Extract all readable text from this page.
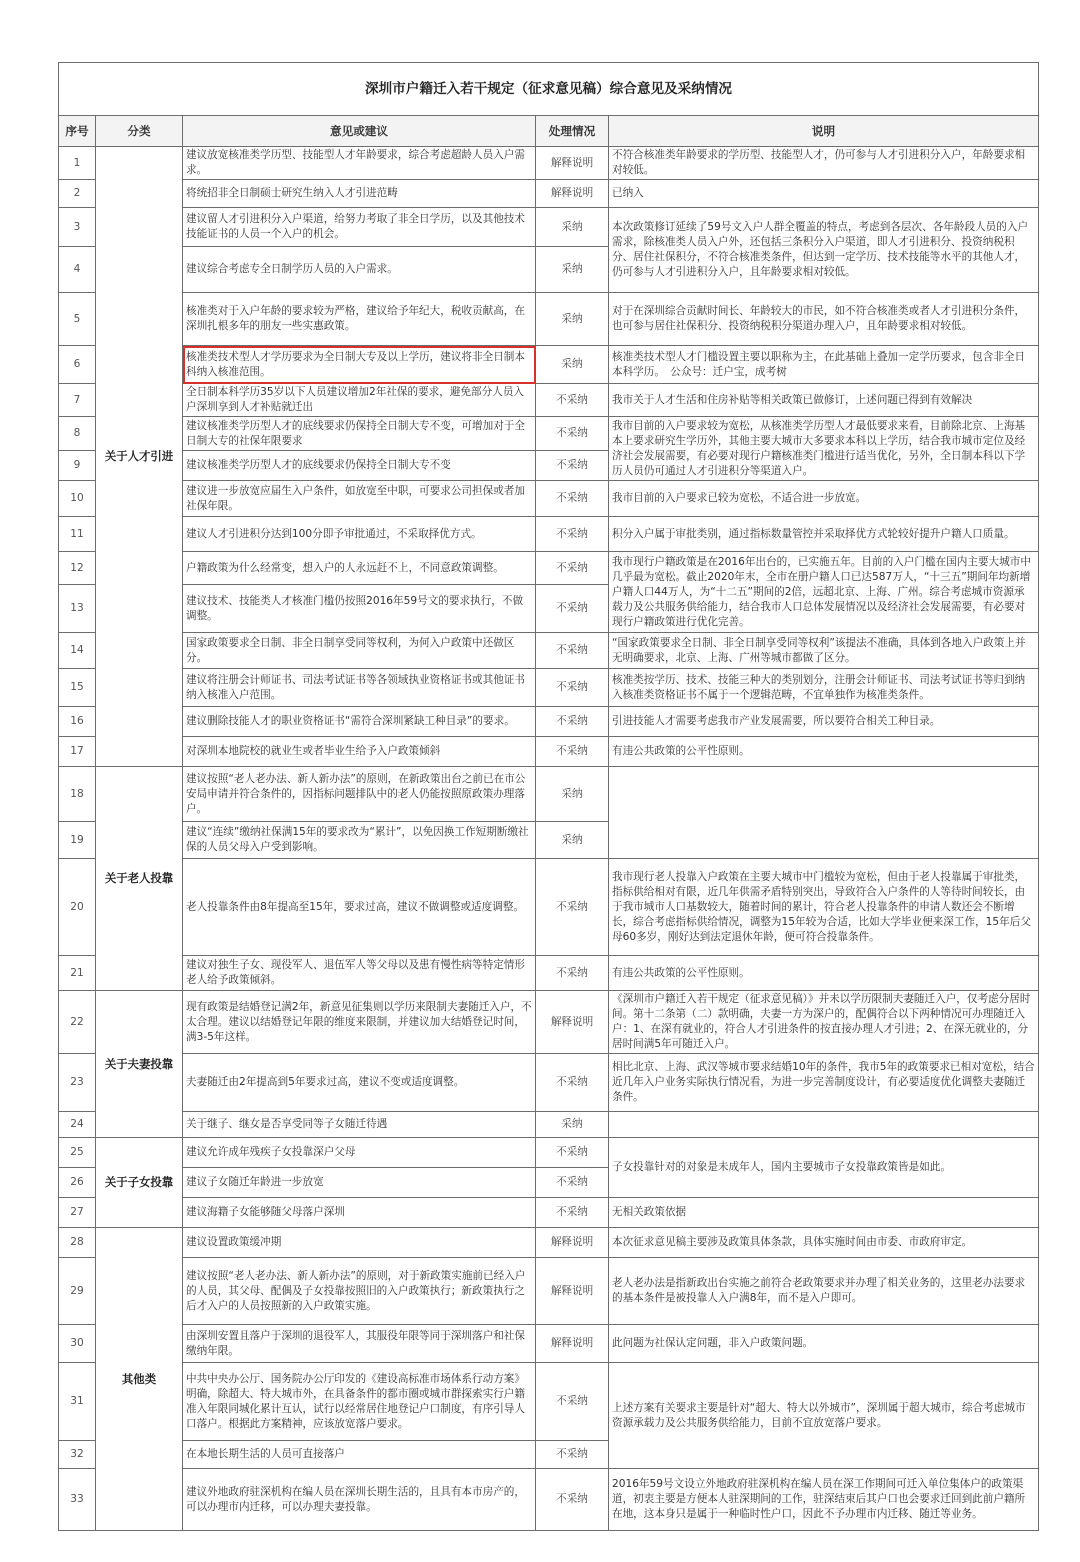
深圳市户籍迁入若干规定（征求意见稿）综合意见及采纳情况				
序号	分类	意见或建议	处理情况	说明
1	关于人才引进	建议放宽核准类学历型、技能型人才年龄要求，综合考虑超龄人员入户需求。	解释说明	不符合核准类年龄要求的学历型、技能型人才，仍可参与人才引进积分入户，年龄要求相对较低。
2		将统招非全日制硕士研究生纳入人才引进范畴	解释说明	已纳入
3		建议留人才引进积分入户渠道，给努力考取了非全日学历，以及其他技术技能证书的人员一个入户的机会。	采纳	本次政策修订延续了59号文入户人群全覆盖的特点，考虑到各层次、各年龄段人员的入户需求，除核准类人员入户外，还包括三条积分入户渠道，即人才引进积分、投资纳税积分、居住社保积分，不符合核准类条件，但达到一定学历、技术技能等水平的其他人才，仍可参与人才引进积分入户，且年龄要求相对较低。
4		建议综合考虑专全日制学历人员的入户需求。	采纳	
5		核准类对于入户年龄的要求较为严格，建议给予年纪大，税收贡献高，在深圳扎根多年的朋友一些实惠政策。	采纳	对于在深圳综合贡献时间长、年龄较大的市民，如不符合核准类或者人才引进积分条件，也可参与居住社保积分、投资纳税积分渠道办理入户，且年龄要求相对较低。
6		核准类技术型人才学历要求为全日制大专及以上学历，建议将非全日制本科纳入核准范围。	采纳	核准类技术型人才门槛设置主要以职称为主，在此基础上叠加一定学历要求，包含非全日本科学历。　公众号：迁户宝，成考树
7		全日制本科学历35岁以下人员建议增加2年社保的要求，避免部分人员入户深圳享到人才补贴就迁出	不采纳	我市关于人才生活和住房补贴等相关政策已做修订，上述问题已得到有效解决
8		建议核准类学历型人才的底线要求仍保持全日制大专不变，可增加对于全日制大专的社保年限要求	不采纳	我市目前的入户要求较为宽松，从核准类学历型人才最低要求来看，目前除北京、上海基本上要求研究生学历外，其他主要大城市大多要求本科以上学历，结合我市城市定位及经济社会发展需要，有必要对现行户籍核准类门槛进行适当优化，另外，全日制本科以下学历人员仍可通过人才引进积分等渠道入户。
9		建议核准类学历型人才的底线要求仍保持全日制大专不变	不采纳	
10		建议进一步放宽应届生入户条件，如放宽至中职，可要求公司担保或者加社保年限。	不采纳	我市目前的入户要求已较为宽松，不适合进一步放宽。
11		建议人才引进积分达到100分即予审批通过，不采取择优方式。	不采纳	积分入户属于审批类别，通过指标数量管控并采取择优方式轮较好提升户籍人口质量。
12		户籍政策为什么经常变，想入户的人永远赶不上，不同意政策调整。	不采纳	我市现行户籍政策是在2016年出台的，已实施五年。目前的入户门槛在国内主要大城市中几乎最为宽松。截止2020年末，全市在册户籍人口已达587万人，“十三五”期间年均新增户籍人口44万人，为“十二五”期间的2倍，远超北京、上海、广州。综合考虑城市资源承载力及公共服务供给能力，结合我市人口总体发展情况以及经济社会发展需要，有必要对现行户籍政策进行优化完善。
13		建议技术、技能类人才核准门槛仍按照2016年59号文的要求执行，不做调整。	不采纳	
14		国家政策要求全日制、非全日制享受同等权利，为何入户政策中还做区分。	不采纳	“国家政策要求全日制、非全日制享受同等权利”该提法不准确，具体到各地入户政策上并无明确要求，北京、上海、广州等城市都做了区分。
15		建议将注册会计师证书、司法考试证书等各领域执业资格证书或其他证书纳入核准入户范围。	不采纳	核准类按学历、技术、技能三种大的类别划分，注册会计师证书、司法考试证书等归到纳入核准类资格证书不属于一个逻辑范畴，不宜单独作为核准类条件。
16		建议删除技能人才的职业资格证书“需符合深圳紧缺工种目录”的要求。	不采纳	引进技能人才需要考虑我市产业发展需要，所以要符合相关工种目录。
17		对深圳本地院校的就业生或者毕业生给予入户政策倾斜	不采纳	有违公共政策的公平性原则。
18	关于老人投靠	建议按照“老人老办法、新人新办法”的原则，在新政策出台之前已在市公安局申请并符合条件的，因指标问题排队中的老人仍能按照原政策办理落户。	采纳	
19		建议“连续”缴纳社保满15年的要求改为“累计”，以免因换工作短期断缴社保的人员父母入户受到影响。	采纳	
20		老人投靠条件由8年提高至15年，要求过高，建议不做调整或适度调整。	不采纳	我市现行老人投靠入户政策在主要大城市中门槛较为宽松，但由于老人投靠属于审批类，指标供给相对有限，近几年供需矛盾特别突出，导致符合入户条件的人等待时间较长，由于我市城市人口基数较大，随着时间的累计，符合老人投靠条件的申请人数还会不断增长，综合考虑指标供给情况，调整为15年较为合适，比如大学毕业便来深工作，15年后父母60多岁，刚好达到法定退休年龄，便可符合投靠条件。
21		建议对独生子女、现役军人、退伍军人等父母以及患有慢性病等特定情形老人给予政策倾斜。	不采纳	有违公共政策的公平性原则。
22	关于夫妻投靠	现有政策是结婚登记满2年，新意见征集则以学历来限制夫妻随迁入户，不太合理。建议以结婚登记年限的维度来限制，并建议加大结婚登记时间，满3-5年这样。	解释说明	《深圳市户籍迁入若干规定（征求意见稿）》并未以学历限制夫妻随迁入户，仅考虑分居时间。第十二条第（二）款明确，夫妻一方为深户的，配偶符合以下两种情况可办理随迁入户：1、在深有就业的，符合人才引进条件的按直接办理人才引进；2、在深无就业的，分居时间满5年可随迁入户。
23		夫妻随迁由2年提高到5年要求过高，建议不变或适度调整。	不采纳	相比北京、上海、武汉等城市要求结婚10年的条件，我市5年的政策要求已相对宽松，结合近几年入户业务实际执行情况看，为进一步完善制度设计，有必要适度优化调整夫妻随迁条件。
24		关于继子、继女是否享受同等子女随迁待遇	采纳	
25	关于子女投靠	建议允许成年残疾子女投靠深户父母	不采纳	子女投靠针对的对象是未成年人，国内主要城市子女投靠政策皆是如此。
26		建议子女随迁年龄进一步放宽	不采纳	
27		建议海籍子女能够随父母落户深圳	不采纳	无相关政策依据
28	其他类	建议设置政策缓冲期	解释说明	本次征求意见稿主要涉及政策具体条款，具体实施时间由市委、市政府审定。
29		建议按照“老人老办法、新人新办法”的原则，对于新政策实施前已经入户的人员，其父母、配偶及子女投靠按照旧的入户政策执行；新政策执行之后才入户的人员按照新的入户政策实施。	解释说明	老人老办法是指新政出台实施之前符合老政策要求并办理了相关业务的，这里老办法要求的基本条件是被投靠人入户满8年，而不是入户即可。
30		由深圳安置且落户于深圳的退役军人，其服役年限等同于深圳落户和社保缴纳年限。	解释说明	此问题为社保认定问题，非入户政策问题。
31		中共中央办公厅、国务院办公厅印发的《建设高标准市场体系行动方案》明确，除超大、特大城市外，在具备条件的都市圈或城市群探索实行户籍准入年限同城化累计互认，试行以经常居住地登记户口制度，有序引导人口落户。根据此方案精神，应该放宽落户要求。	不采纳	上述方案有关要求主要是针对“超大、特大以外城市”，深圳属于超大城市，综合考虑城市资源承载力及公共服务供给能力，目前不宜放宽落户要求。
32		在本地长期生活的人员可直接落户	不采纳	
33		建议外地政府驻深机构在编人员在深圳长期生活的，且具有本市房产的，可以办理市内迁移，可以办理夫妻投靠。	不采纳	2016年59号文设立外地政府驻深机构在编人员在深工作期间可迁入单位集体户的政策渠道，初衷主要是方便本人驻深期间的工作，驻深结束后其户口也会要求迁回到此前户籍所在地，这本身只是属于一种临时性户口，因此不予办理市内迁移、随迁等业务。
